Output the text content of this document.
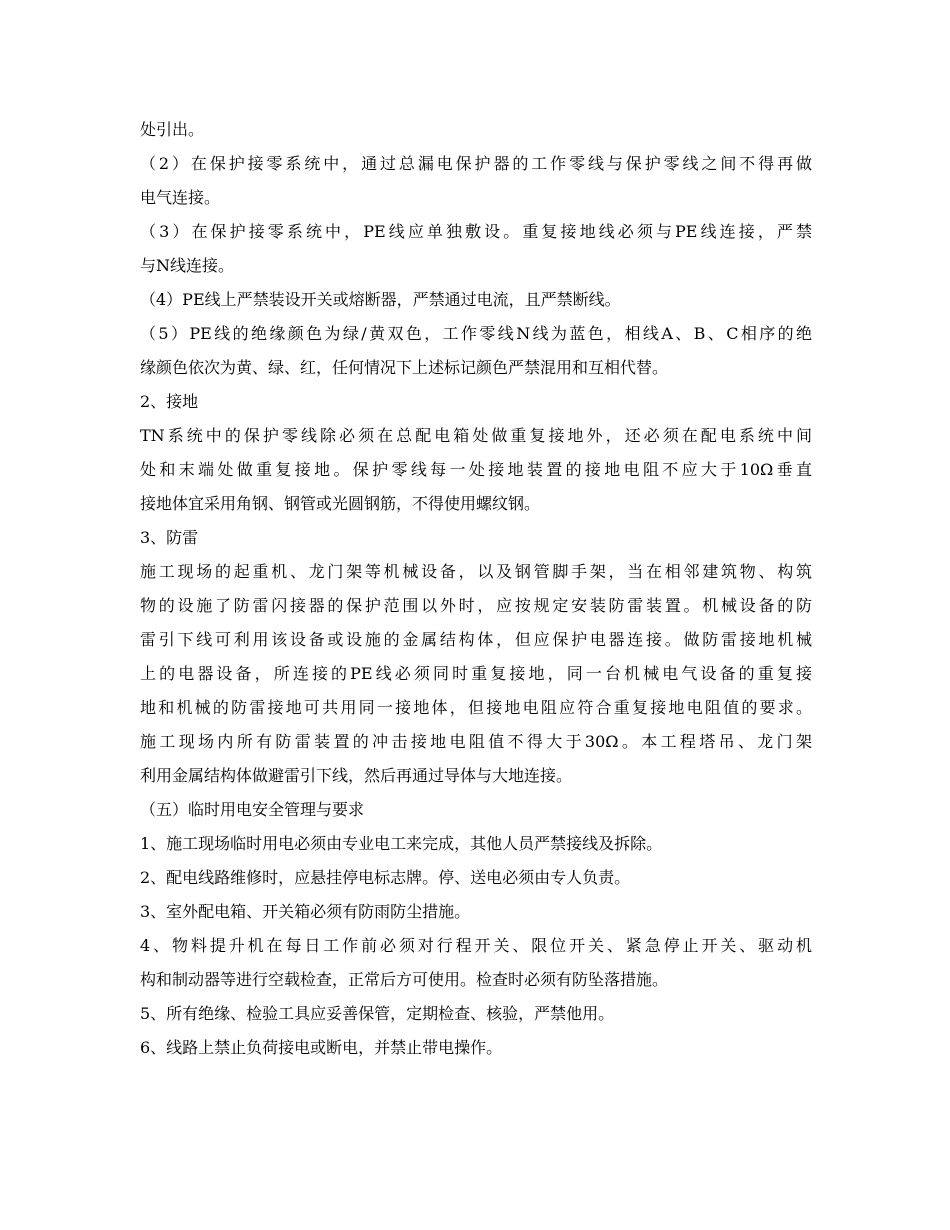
处引出。
（2）在保护接零系统中，通过总漏电保护器的工作零线与保护零线之间不得再做
电气连接。
（3）在保护接零系统中，PE线应单独敷设。重复接地线必须与PE线连接，严禁
与N线连接。
（4）PE线上严禁装设开关或熔断器，严禁通过电流，且严禁断线。
（5）PE线的绝缘颜色为绿/黄双色，工作零线N线为蓝色，相线A、B、C相序的绝
缘颜色依次为黄、绿、红，任何情况下上述标记颜色严禁混用和互相代替。
2、接地
TN系统中的保护零线除必须在总配电箱处做重复接地外，还必须在配电系统中间
处和末端处做重复接地。保护零线每一处接地装置的接地电阻不应大于10Ω垂直
接地体宜采用角钢、钢管或光圆钢筋，不得使用螺纹钢。
3、防雷
施工现场的起重机、龙门架等机械设备，以及钢管脚手架，当在相邻建筑物、构筑
物的设施了防雷闪接器的保护范围以外时，应按规定安装防雷装置。机械设备的防
雷引下线可利用该设备或设施的金属结构体，但应保护电器连接。做防雷接地机械
上的电器设备，所连接的PE线必须同时重复接地，同一台机械电气设备的重复接
地和机械的防雷接地可共用同一接地体，但接地电阻应符合重复接地电阻值的要求。
施工现场内所有防雷装置的冲击接地电阻值不得大于30Ω。本工程塔吊、龙门架
利用金属结构体做避雷引下线，然后再通过导体与大地连接。
（五）临时用电安全管理与要求
1、施工现场临时用电必须由专业电工来完成，其他人员严禁接线及拆除。
2、配电线路维修时，应悬挂停电标志牌。停、送电必须由专人负责。
3、室外配电箱、开关箱必须有防雨防尘措施。
4、物料提升机在每日工作前必须对行程开关、限位开关、紧急停止开关、驱动机
构和制动器等进行空载检查，正常后方可使用。检查时必须有防坠落措施。
5、所有绝缘、检验工具应妥善保管，定期检查、核验，严禁他用。
6、线路上禁止负荷接电或断电，并禁止带电操作。
